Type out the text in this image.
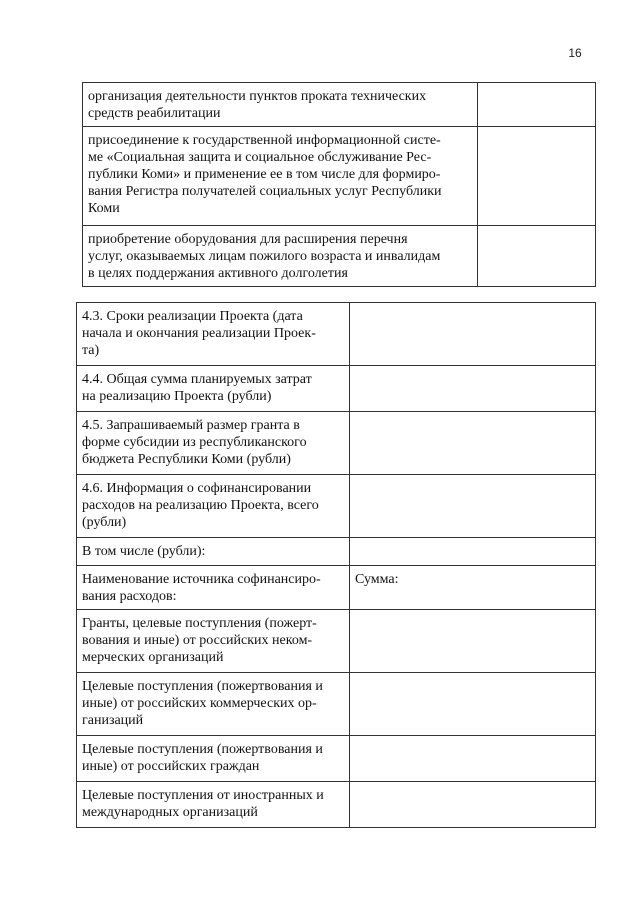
16
организация деятельности пунктов проката технических
средств реабилитации	

присоединение к государственной информационной систе-
ме «Социальная защита и социальное обслуживание Рес-
публики Коми» и применение ее в том числе для формиро-
вания Регистра получателей социальных услуг Республики
Коми	

приобретение оборудования для расширения перечня
услуг, оказываемых лицам пожилого возраста и инвалидам
в целях поддержания активного долголетия	

4.3. Сроки реализации Проекта (дата
начала и окончания реализации Проек-
та)	

4.4. Общая сумма планируемых затрат
на реализацию Проекта (рубли)	

4.5. Запрашиваемый размер гранта в
форме субсидии из республиканского
бюджета Республики Коми (рубли)	

4.6. Информация о софинансировании
расходов на реализацию Проекта, всего
(рубли)	

В том числе (рубли):	

Наименование источника софинансиро-
вания расходов:	Сумма:

Гранты, целевые поступления (пожерт-
вования и иные) от российских неком-
мерческих организаций	

Целевые поступления (пожертвования и
иные) от российских коммерческих ор-
ганизаций	

Целевые поступления (пожертвования и
иные) от российских граждан	

Целевые поступления от иностранных и
международных организаций	
